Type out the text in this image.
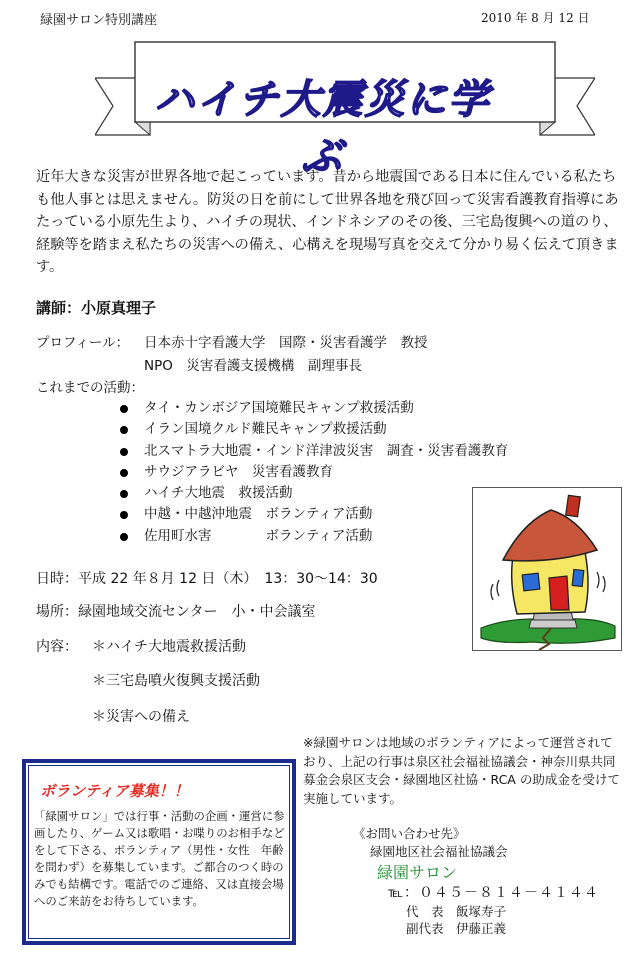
緑園サロン特別講座	2010 年 8 月 12 日
ハイチ大震災に学ぶ
近年大きな災害が世界各地で起こっています。昔から地震国である日本に住んでいる私たちも他人事とは思えません。防災の日を前にして世界各地を飛び回って災害看護教育指導にあたっている小原先生より、ハイチの現状、インドネシアのその後、三宅島復興への道のり、経験等を踏まえ私たちの災害への備え、心構えを現場写真を交えて分かり易く伝えて頂きます。
講師：小原真理子
プロフィール： 日本赤十字看護大学　国際・災害看護学　教授
NPO　災害看護支援機構　副理事長
これまでの活動：
タイ・カンボジア国境難民キャンプ救援活動
イラン国境クルド難民キャンプ救援活動
北スマトラ大地震・インド洋津波災害　調査・災害看護教育
サウジアラビヤ　災害看護教育
ハイチ大地震　救援活動
中越・中越沖地震　ボランティア活動
佐用町水害　　　　ボランティア活動
日時：平成 22 年８月 12 日（木）　13：30～14：30
場所：緑園地域交流センター　小・中会議室
内容： ＊ハイチ大地震救援活動
＊三宅島噴火復興支援活動
＊災害への備え
※緑園サロンは地域のボランティアによって運営されており、上記の行事は泉区社会福祉協議会・神奈川県共同募金会泉区支会・緑園地区社協・RCA の助成金を受けて実施しています。
ボランティア募集！！
「緑園サロン」では行事・活動の企画・運営に参画したり、ゲーム又は歌唱・お喋りのお相手などをして下さる、ボランティア（男性・女性　年齢を問わず）を募集しています。ご都合のつく時のみでも結構です。電話でのご連絡、又は直接会場へのご来訪をお待ちしています。
《お問い合わせ先》
緑園地区社会福祉協議会
緑園サロン
℡：０４５－８１４－４１４４
代　表　飯塚寿子
副代表　伊藤正義
